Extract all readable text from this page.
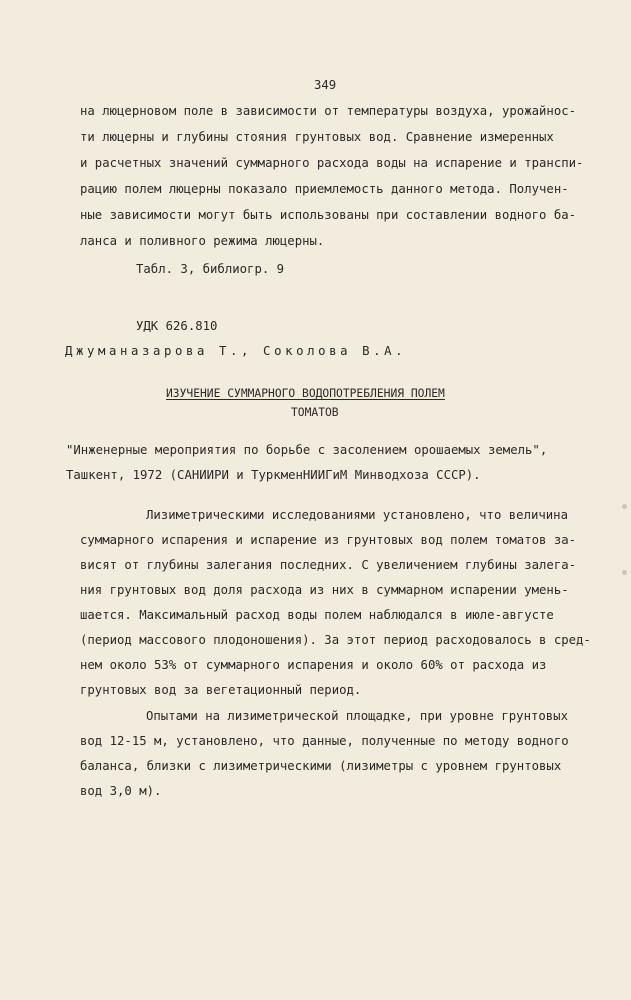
349
на люцерновом поле в зависимости от температуры воздуха, урожайнос-
ти люцерны и глубины стояния грунтовых вод. Сравнение измеренных
и расчетных значений суммарного расхода воды на испарение и транспи-
рацию полем люцерны показало приемлемость данного метода. Получен-
ные зависимости могут быть использованы при составлении водного ба-
ланса и поливного режима люцерны.
Табл. 3, библиогр. 9
УДК 626.810
Джуманазарова Т., Соколова В.А.
ИЗУЧЕНИЕ СУММАРНОГО ВОДОПОТРЕБЛЕНИЯ ПОЛЕМ
ТОМАТОВ
"Инженерные мероприятия по борьбе с засолением орошаемых земель",
Ташкент, 1972 (САНИИРИ и ТуркменНИИГиМ Минводхоза СССР).
Лизиметрическими исследованиями установлено, что величина
суммарного испарения и испарение из грунтовых вод полем томатов за-
висят от глубины залегания последних. С увеличением глубины залега-
ния грунтовых вод доля расхода из них в суммарном испарении умень-
шается. Максимальный расход воды полем наблюдался в июле-августе
(период массового плодоношения). За этот период расходовалось в сред-
нем около 53% от суммарного испарения и около 60% от расхода из
грунтовых вод за вегетационный период.
Опытами на лизиметрической площадке, при уровне грунтовых
вод 12-15 м, установлено, что данные, полученные по методу водного
баланса, близки с лизиметрическими (лизиметры с уровнем грунтовых
вод 3,0 м).
